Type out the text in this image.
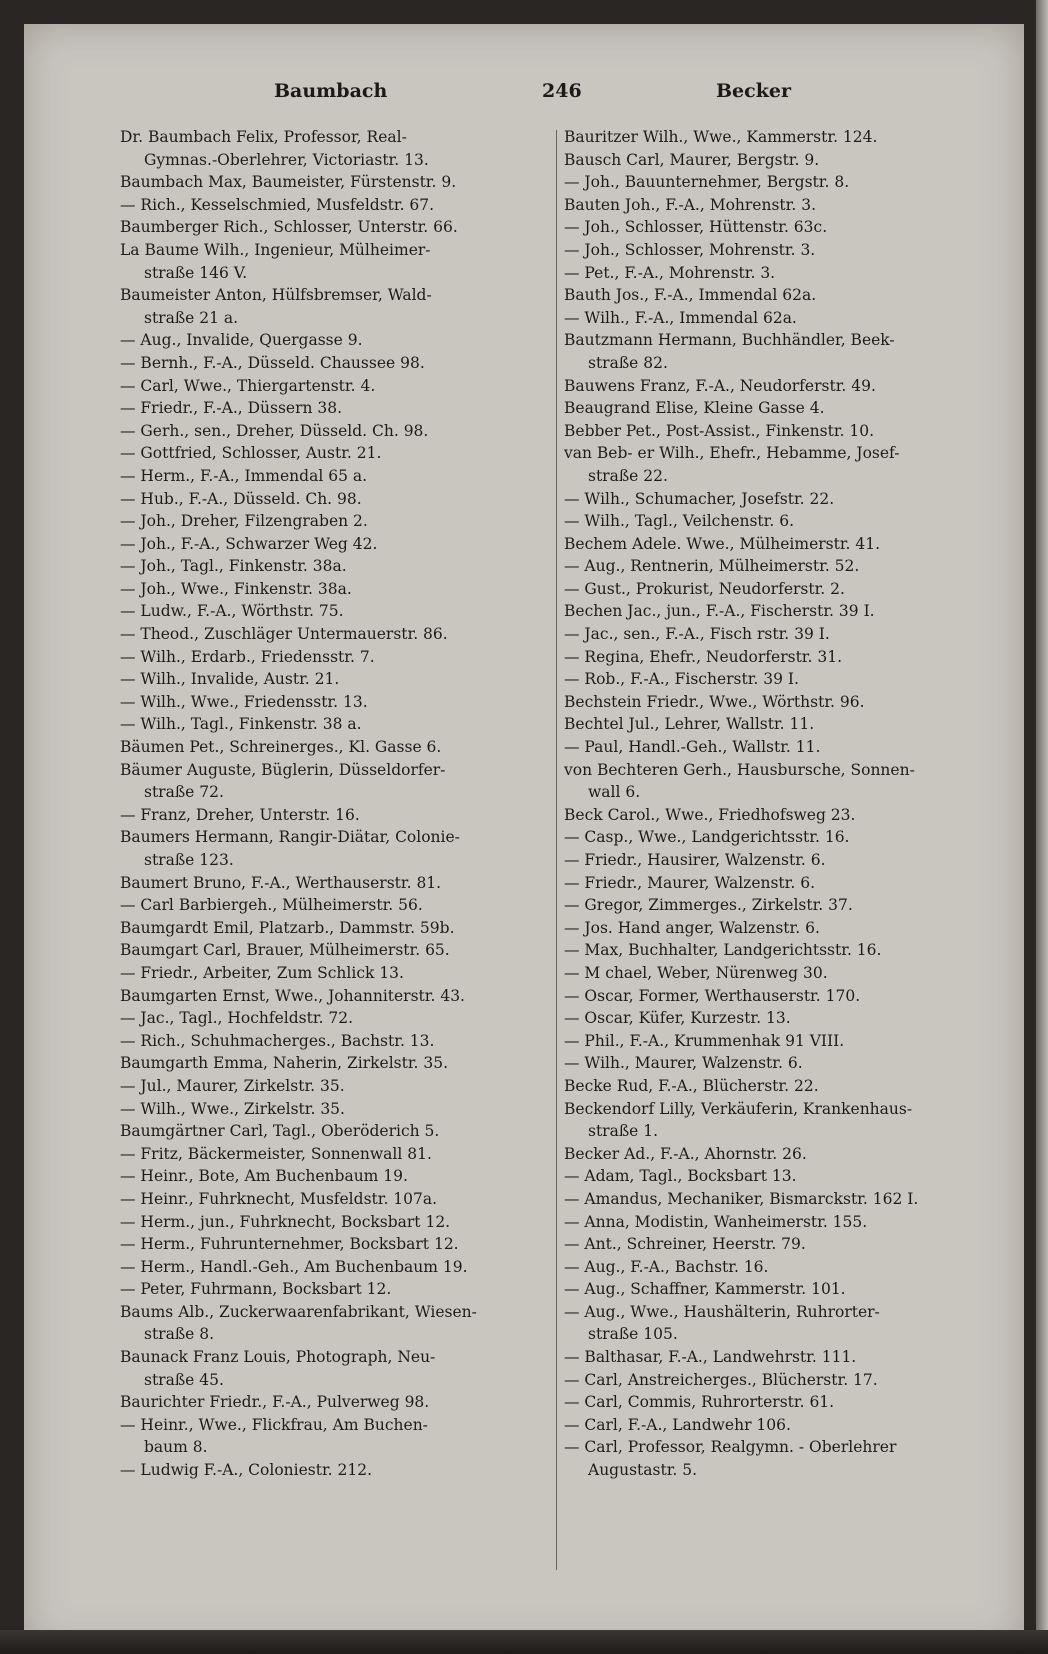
Baumbach	246	Becker
Dr. Baumbach Felix, Professor, Real-
Gymnas.-Oberlehrer, Victoriastr. 13.
Baumbach Max, Baumeister, Fürstenstr. 9.
— Rich., Kesselschmied, Musfeldstr. 67.
Baumberger Rich., Schlosser, Unterstr. 66.
La Baume Wilh., Ingenieur, Mülheimer-
straße 146 V.
Baumeister Anton, Hülfsbremser, Wald-
straße 21 a.
— Aug., Invalide, Quergasse 9.
— Bernh., F.-A., Düsseld. Chaussee 98.
— Carl, Wwe., Thiergartenstr. 4.
— Friedr., F.-A., Düssern 38.
— Gerh., sen., Dreher, Düsseld. Ch. 98.
— Gottfried, Schlosser, Austr. 21.
— Herm., F.-A., Immendal 65 a.
— Hub., F.-A., Düsseld. Ch. 98.
— Joh., Dreher, Filzengraben 2.
— Joh., F.-A., Schwarzer Weg 42.
— Joh., Tagl., Finkenstr. 38a.
— Joh., Wwe., Finkenstr. 38a.
— Ludw., F.-A., Wörthstr. 75.
— Theod., Zuschläger Untermauerstr. 86.
— Wilh., Erdarb., Friedensstr. 7.
— Wilh., Invalide, Austr. 21.
— Wilh., Wwe., Friedensstr. 13.
— Wilh., Tagl., Finkenstr. 38 a.
Bäumen Pet., Schreinerges., Kl. Gasse 6.
Bäumer Auguste, Büglerin, Düsseldorfer-
straße 72.
— Franz, Dreher, Unterstr. 16.
Baumers Hermann, Rangir-Diätar, Colonie-
straße 123.
Baumert Bruno, F.-A., Werthauserstr. 81.
— Carl Barbiergeh., Mülheimerstr. 56.
Baumgardt Emil, Platzarb., Dammstr. 59b.
Baumgart Carl, Brauer, Mülheimerstr. 65.
— Friedr., Arbeiter, Zum Schlick 13.
Baumgarten Ernst, Wwe., Johanniterstr. 43.
— Jac., Tagl., Hochfeldstr. 72.
— Rich., Schuhmacherges., Bachstr. 13.
Baumgarth Emma, Naherin, Zirkelstr. 35.
— Jul., Maurer, Zirkelstr. 35.
— Wilh., Wwe., Zirkelstr. 35.
Baumgärtner Carl, Tagl., Oberöderich 5.
— Fritz, Bäckermeister, Sonnenwall 81.
— Heinr., Bote, Am Buchenbaum 19.
— Heinr., Fuhrknecht, Musfeldstr. 107a.
— Herm., jun., Fuhrknecht, Bocksbart 12.
— Herm., Fuhrunternehmer, Bocksbart 12.
— Herm., Handl.-Geh., Am Buchenbaum 19.
— Peter, Fuhrmann, Bocksbart 12.
Baums Alb., Zuckerwaarenfabrikant, Wiesen-
straße 8.
Baunack Franz Louis, Photograph, Neu-
straße 45.
Baurichter Friedr., F.-A., Pulverweg 98.
— Heinr., Wwe., Flickfrau, Am Buchen-
baum 8.
— Ludwig F.-A., Coloniestr. 212.
Bauritzer Wilh., Wwe., Kammerstr. 124.
Bausch Carl, Maurer, Bergstr. 9.
— Joh., Bauunternehmer, Bergstr. 8.
Bauten Joh., F.-A., Mohrenstr. 3.
— Joh., Schlosser, Hüttenstr. 63c.
— Joh., Schlosser, Mohrenstr. 3.
— Pet., F.-A., Mohrenstr. 3.
Bauth Jos., F.-A., Immendal 62a.
— Wilh., F.-A., Immendal 62a.
Bautzmann Hermann, Buchhändler, Beek-
straße 82.
Bauwens Franz, F.-A., Neudorferstr. 49.
Beaugrand Elise, Kleine Gasse 4.
Bebber Pet., Post-Assist., Finkenstr. 10.
van Beb- er Wilh., Ehefr., Hebamme, Josef-
straße 22.
— Wilh., Schumacher, Josefstr. 22.
— Wilh., Tagl., Veilchenstr. 6.
Bechem Adele. Wwe., Mülheimerstr. 41.
— Aug., Rentnerin, Mülheimerstr. 52.
— Gust., Prokurist, Neudorferstr. 2.
Bechen Jac., jun., F.-A., Fischerstr. 39 I.
— Jac., sen., F.-A., Fisch rstr. 39 I.
— Regina, Ehefr., Neudorferstr. 31.
— Rob., F.-A., Fischerstr. 39 I.
Bechstein Friedr., Wwe., Wörthstr. 96.
Bechtel Jul., Lehrer, Wallstr. 11.
— Paul, Handl.-Geh., Wallstr. 11.
von Bechteren Gerh., Hausbursche, Sonnen-
wall 6.
Beck Carol., Wwe., Friedhofsweg 23.
— Casp., Wwe., Landgerichtsstr. 16.
— Friedr., Hausirer, Walzenstr. 6.
— Friedr., Maurer, Walzenstr. 6.
— Gregor, Zimmerges., Zirkelstr. 37.
— Jos. Hand anger, Walzenstr. 6.
— Max, Buchhalter, Landgerichtsstr. 16.
— M chael, Weber, Nürenweg 30.
— Oscar, Former, Werthauserstr. 170.
— Oscar, Küfer, Kurzestr. 13.
— Phil., F.-A., Krummenhak 91 VIII.
— Wilh., Maurer, Walzenstr. 6.
Becke Rud, F.-A., Blücherstr. 22.
Beckendorf Lilly, Verkäuferin, Krankenhaus-
straße 1.
Becker Ad., F.-A., Ahornstr. 26.
— Adam, Tagl., Bocksbart 13.
— Amandus, Mechaniker, Bismarckstr. 162 I.
— Anna, Modistin, Wanheimerstr. 155.
— Ant., Schreiner, Heerstr. 79.
— Aug., F.-A., Bachstr. 16.
— Aug., Schaffner, Kammerstr. 101.
— Aug., Wwe., Haushälterin, Ruhrorter-
straße 105.
— Balthasar, F.-A., Landwehrstr. 111.
— Carl, Anstreicherges., Blücherstr. 17.
— Carl, Commis, Ruhrorterstr. 61.
— Carl, F.-A., Landwehr 106.
— Carl, Professor, Realgymn. - Oberlehrer
Augustastr. 5.
